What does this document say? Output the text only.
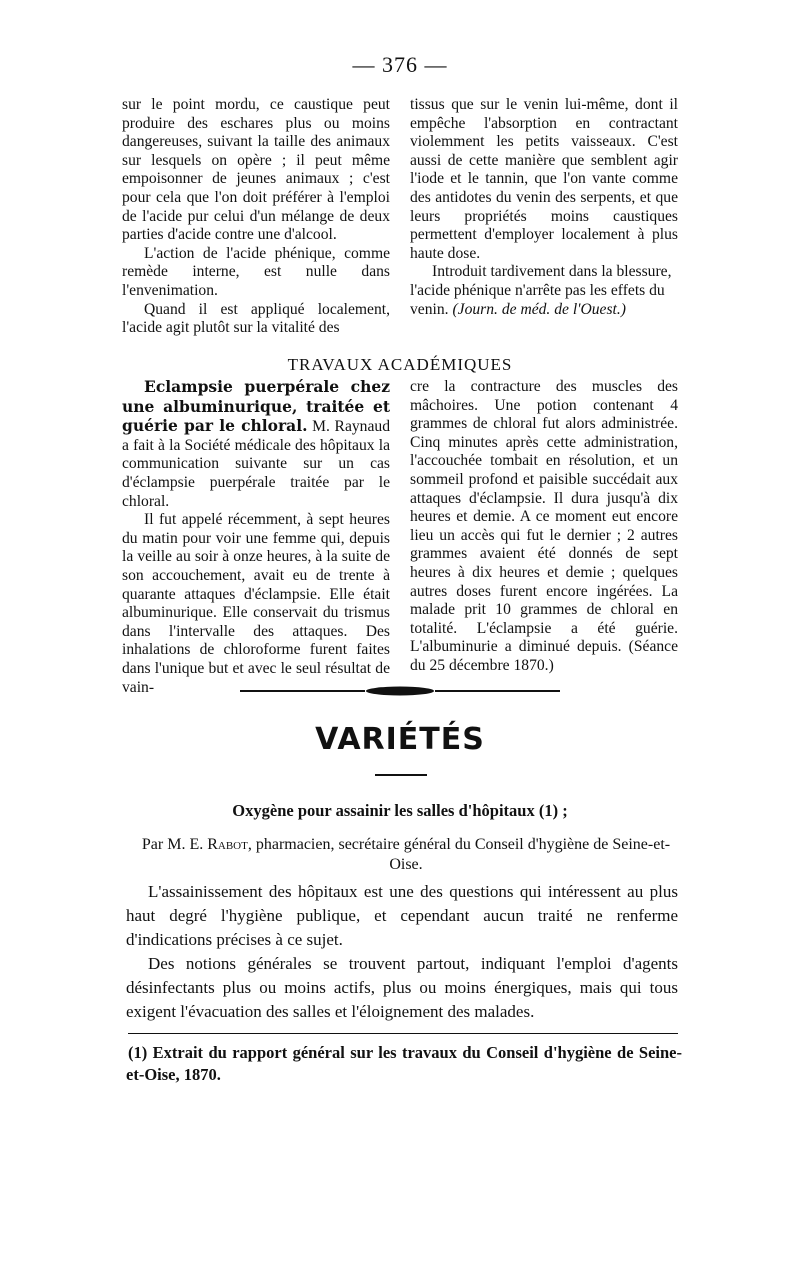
— 376 —

sur le point mordu, ce caustique peut produire des eschares plus ou moins dangereuses, suivant la taille des animaux sur lesquels on opère ; il peut même empoisonner de jeunes animaux ; c'est pour cela que l'on doit préférer à l'emploi de l'acide pur celui d'un mélange de deux parties d'acide contre une d'alcool.

L'action de l'acide phénique, comme remède interne, est nulle dans l'envenimation.

Quand il est appliqué localement, l'acide agit plutôt sur la vitalité des

tissus que sur le venin lui-même, dont il empêche l'absorption en contractant violemment les petits vaisseaux. C'est aussi de cette manière que semblent agir l'iode et le tannin, que l'on vante comme des antidotes du venin des serpents, et que leurs propriétés moins caustiques permettent d'employer localement à plus haute dose.

Introduit tardivement dans la blessure, l'acide phénique n'arrête pas les effets du venin. (Journ. de méd. de l'Ouest.)

TRAVAUX ACADÉMIQUES

Eclampsie puerpérale chez une albuminurique, traitée et guérie par le chloral. M. Raynaud a fait à la Société médicale des hôpitaux la communication suivante sur un cas d'éclampsie puerpérale traitée par le chloral.

Il fut appelé récemment, à sept heures du matin pour voir une femme qui, depuis la veille au soir à onze heures, à la suite de son accouchement, avait eu de trente à quarante attaques d'éclampsie. Elle était albuminurique. Elle conservait du trismus dans l'intervalle des attaques. Des inhalations de chloroforme furent faites dans l'unique but et avec le seul résultat de vain-

cre la contracture des muscles des mâchoires. Une potion contenant 4 grammes de chloral fut alors administrée. Cinq minutes après cette administration, l'accouchée tombait en résolution, et un sommeil profond et paisible succédait aux attaques d'éclampsie. Il dura jusqu'à dix heures et demie. A ce moment eut encore lieu un accès qui fut le dernier ; 2 autres grammes avaient été donnés de sept heures à dix heures et demie ; quelques autres doses furent encore ingérées. La malade prit 10 grammes de chloral en totalité. L'éclampsie a été guérie. L'albuminurie a diminué depuis. (Séance du 25 décembre 1870.)

VARIÉTÉS
Oxygène pour assainir les salles d'hôpitaux (1) ;
Par M. E. Rabot, pharmacien, secrétaire général du Conseil d'hygiène de Seine-et-Oise.

L'assainissement des hôpitaux est une des questions qui intéressent au plus haut degré l'hygiène publique, et cependant aucun traité ne renferme d'indications précises à ce sujet.

Des notions générales se trouvent partout, indiquant l'emploi d'agents désinfectants plus ou moins actifs, plus ou moins énergiques, mais qui tous exigent l'évacuation des salles et l'éloignement des malades.

(1) Extrait du rapport général sur les travaux du Conseil d'hygiène de Seine-et-Oise, 1870.
